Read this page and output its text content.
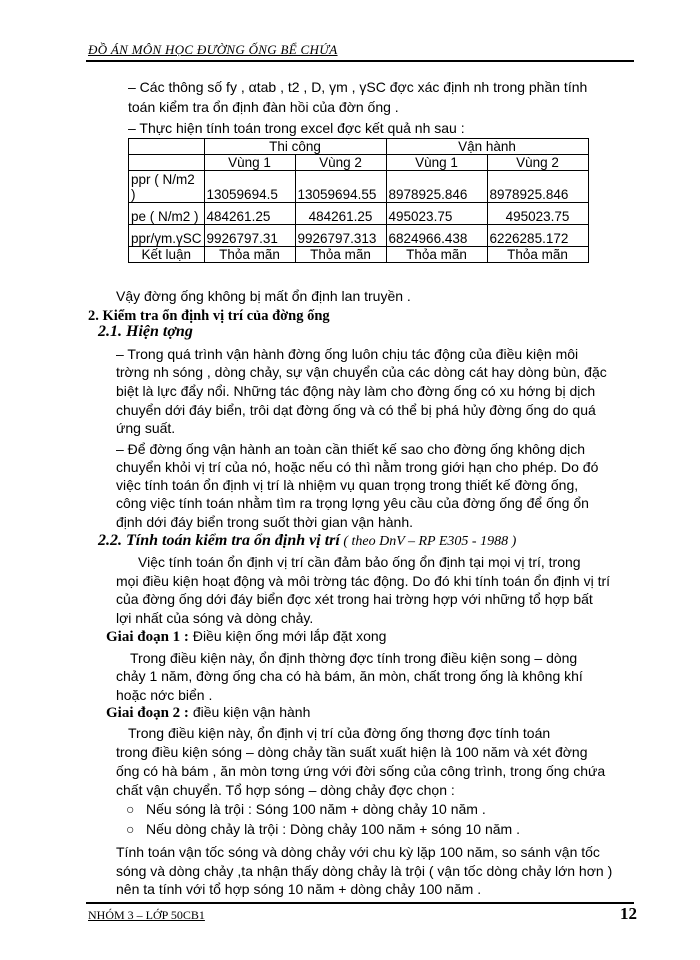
ĐỒ ÁN MÔN HỌC ĐƯỜNG ỐNG BỂ CHỨA
– Các thông số fy , αtab , t2 , D, γm , γSC đợc xác định nh trong phần tính
toán kiểm tra ổn định đàn hồi của đờn ống .
– Thực hiện tính toán trong excel đợc kết quả nh sau :
	Thi công		Vận hành	
	Vùng 1	Vùng 2	Vùng 1	Vùng 2
ppr ( N/m2 )	13059694.5	13059694.55	8978925.846	8978925.846
pe ( N/m2 )	484261.25	484261.25	495023.75	495023.75
ppr/γm.γSC	9926797.31	9926797.313	6824966.438	6226285.172
Kết luận	Thỏa mãn	Thỏa mãn	Thỏa mãn	Thỏa mãn
Vậy đờng ống không bị mất ổn định lan truyền .
2. Kiểm tra ổn định vị trí của đờng ống
2.1. Hiện tợng
– Trong quá trình vận hành đờng ống luôn chịu tác động của điều kiện môi
trờng nh sóng , dòng chảy, sự vận chuyển của các dòng cát hay dòng bùn, đặc
biệt là lực đẩy nổi. Những tác động này làm cho đờng ống có xu hớng bị dịch
chuyển dới đáy biển, trôi dạt đờng ống và có thể bị phá hủy đờng ống do quá
ứng suất.
– Để đờng ống vận hành an toàn cần thiết kế sao cho đờng ống không dịch
chuyển khỏi vị trí của nó, hoặc nếu có thì nằm trong giới hạn cho phép. Do đó
việc tính toán ổn định vị trí là nhiệm vụ quan trọng trong thiết kế đờng ống,
công việc tính toán nhằm tìm ra trọng lợng yêu cầu của đờng ống để ống ổn
định dới đáy biển trong suốt thời gian vận hành.
2.2. Tính toán kiểm tra ổn định vị trí ( theo DnV – RP E305 - 1988 )
Việc tính toán ổn định vị trí cần đảm bảo ống ổn định tại mọi vị trí, trong
mọi điều kiện hoạt động và môi trờng tác động. Do đó khi tính toán ổn định vị trí
của đờng ống dới đáy biển đợc xét trong hai trờng hợp với những tổ hợp bất
lợi nhất của sóng và dòng chảy.
Giai đoạn 1 : Điều kiện ống mới lắp đặt xong
Trong điều kiện này, ổn định thờng đợc tính trong điều kiện song – dòng
chảy 1 năm, đờng ống cha có hà bám, ăn mòn, chất trong ống là không khí
hoặc nớc biển .
Giai đoạn 2 : điều kiện vận hành
Trong điều kiện này, ổn định vị trí của đờng ống thơng đợc tính toán
trong điều kiện sóng – dòng chảy tần suất xuất hiện là 100 năm và xét đờng
ống có hà bám , ăn mòn tơng ứng với đời sống của công trình, trong ống chứa
chất vận chuyển. Tổ hợp sóng – dòng chảy đợc chọn :
○ Nếu sóng là trội : Sóng 100 năm + dòng chảy 10 năm .
○ Nếu dòng chảy là trội : Dòng chảy 100 năm + sóng 10 năm .
Tính toán vận tốc sóng và dòng chảy với chu kỳ lặp 100 năm, so sánh vận tốc
sóng và dòng chảy ,ta nhận thấy dòng chảy là trội ( vận tốc dòng chảy lớn hơn )
nên ta tính với tổ hợp sóng 10 năm + dòng chảy 100 năm .
NHÓM 3 – LỚP 50CB1	12
